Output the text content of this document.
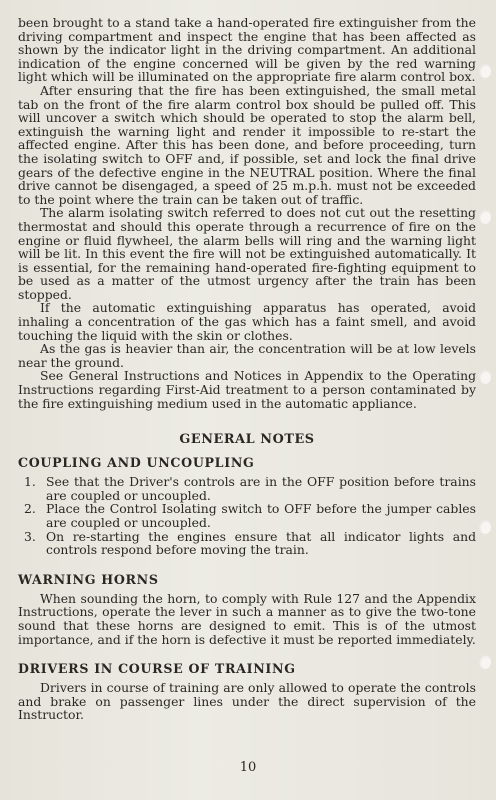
been brought to a stand take a hand-operated fire extinguisher from the driving compartment and inspect the engine that has been affected as shown by the indicator light in the driving compartment. An additional indication of the engine concerned will be given by the red warning light which will be illuminated on the appropriate fire alarm control box.

After ensuring that the fire has been extinguished, the small metal tab on the front of the fire alarm control box should be pulled off. This will uncover a switch which should be operated to stop the alarm bell, extinguish the warning light and render it impossible to re-start the affected engine. After this has been done, and before proceeding, turn the isolating switch to OFF and, if possible, set and lock the final drive gears of the defective engine in the NEUTRAL position. Where the final drive cannot be disengaged, a speed of 25 m.p.h. must not be exceeded to the point where the train can be taken out of traffic.

The alarm isolating switch referred to does not cut out the resetting thermostat and should this operate through a recurrence of fire on the engine or fluid flywheel, the alarm bells will ring and the warning light will be lit. In this event the fire will not be extinguished automatically. It is essential, for the remaining hand-operated fire-fighting equipment to be used as a matter of the utmost urgency after the train has been stopped.

If the automatic extinguishing apparatus has operated, avoid inhaling a concentration of the gas which has a faint smell, and avoid touching the liquid with the skin or clothes.

As the gas is heavier than air, the concentration will be at low levels near the ground.

See General Instructions and Notices in Appendix to the Operating Instructions regarding First-Aid treatment to a person contaminated by the fire extinguishing medium used in the automatic appliance.

GENERAL NOTES
COUPLING AND UNCOUPLING
1. See that the Driver's controls are in the OFF position before trains are coupled or uncoupled.
2. Place the Control Isolating switch to OFF before the jumper cables are coupled or uncoupled.
3. On re-starting the engines ensure that all indicator lights and controls respond before moving the train.
WARNING HORNS

When sounding the horn, to comply with Rule 127 and the Appendix Instructions, operate the lever in such a manner as to give the two-tone sound that these horns are designed to emit. This is of the utmost importance, and if the horn is defective it must be reported immediately.

DRIVERS IN COURSE OF TRAINING

Drivers in course of training are only allowed to operate the controls and brake on passenger lines under the direct supervision of the Instructor.

10
